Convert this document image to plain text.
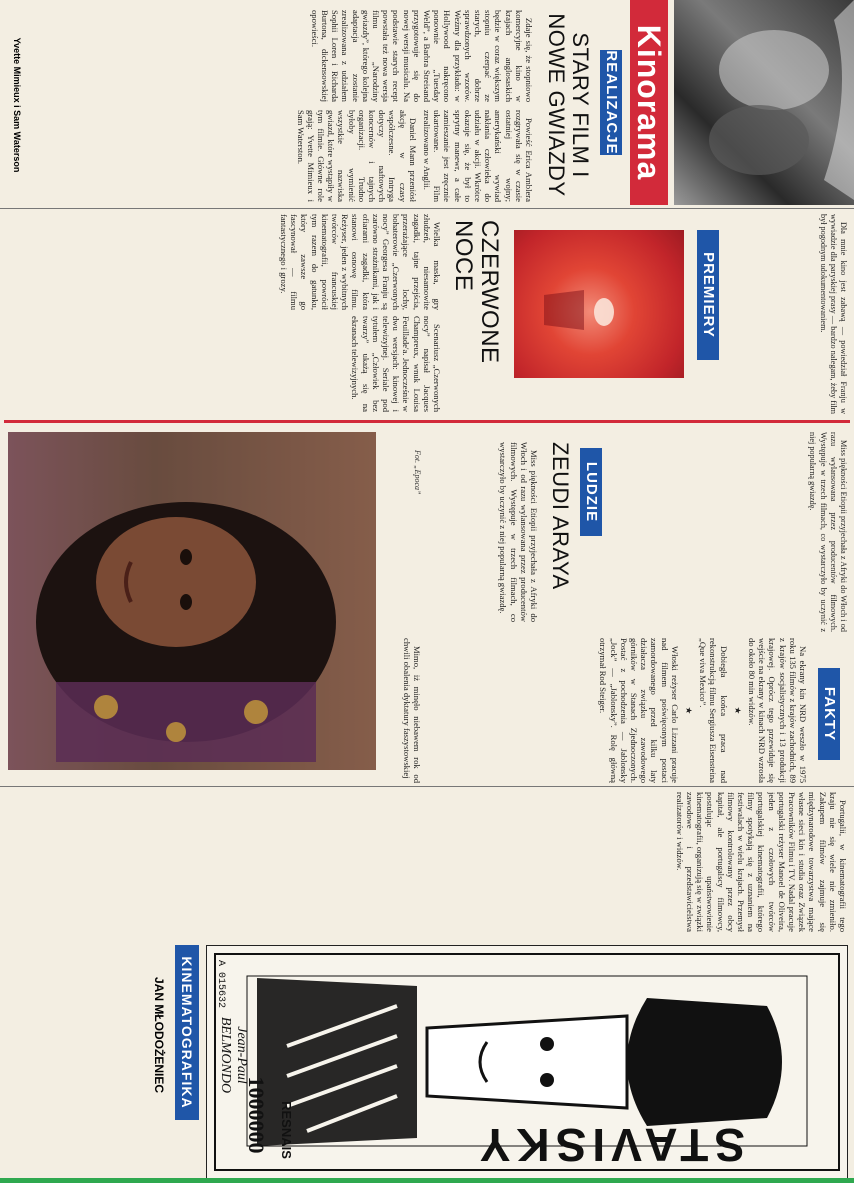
Kinorama
REALIZACJE
STARY FILM I NOWE GWIAZDY

Zdaje się, że stopniowo komercyjne kino w krajach anglosaskich będzie w coraz większym stopniu czerpać ze starych, dobrze sprawdzonych wzorów. Weźmy dla przykładu: w Hollywood nakręcono ponownie „Tuesday Weld”, a Barbra Streisand przygotowuje się do nowej wersji musicalu. Na podstawie starych recept powstała też nowa wersja filmu „Narodziny gwiazdy”, którego kolejna adaptacja zostanie zrealizowana z udziałem Sophii Loren i Richarda Burtona, dickensowskiej opowieści.

Powieść Erica Amblera rozgrywała się w czasie ostatniej wojny; amerykański wywiad nakłania człowieka do udziału w akcji. Wkrótce okazuje się, że był to sprytny manewr, a całe zamieszanie jest zręcznie ukartowane. Film zrealizowano w Anglii.

Daniel Mann przeniósł akcję w czasy współczesne. Intryga dotyczy naftowych koncernów i tajnych organizacji. Trudno byłoby wymienić wszystkie nazwiska gwiazd, które wystąpiły w tym filmie. Główne role grają: Yvette Mimieux i Sam Waterston.

Yvette Mimieux i Sam Waterson

Dla mnie kino jest zabawą — powiedział Franju w wywiadzie dla paryskiej prasy — bardzo nalegam, żeby film był pogodnym udokumentowaniem.

PREMIERY
CZERWONE NOCE

Wielka maska, gry złudzeń, niesamowite zagadki, tajne przejścia, przerażające lochy, bohaterowie „Czerwonych nocy” Georgesa Franju są zarówno strażnikami, jak i ofiarami zagadki, która stanowi osnowę filmu. Reżyser, jeden z wybitnych twórców francuskiej kinematografii, powrócił tym razem do gatunku, który zawsze go fascynował — filmu fantastycznego i grozy.

Scenariusz „Czerwonych nocy” napisał Jacques Champreux, wnuk Louisa Feuillade'a. Jednocześnie w dwu wersjach: kinowej i telewizyjnej. Seriale pod tytułem „Człowiek bez twarzy” ukażą się na ekranach telewizyjnych.

Miss piękności Etiopii przyjechała z Afryki do Włoch i od razu wylansowana przez producentów filmowych. Występuje w trzech filmach, co wystarczyło by uczynić z niej popularną gwiazdę.

LUDZIE
ZEUDI ARAYA

Miss piękności Etiopii przyjechała z Afryki do Włoch i od razu wylansowana przez producentów filmowych. Występuje w trzech filmach, co wystarczyło by uczynić z niej popularną gwiazdę.

Fot. „Epoca”
FAKTY

Na ekrany kin NRD weszło w 1975 roku 135 filmów z krajów zachodnich, 89 z krajów socjalistycznych i 13 produkcji krajowej. Oprócz tego przewiduje się wejście na ekrany w kinach NRD wzrosła do około 80 min widzów.

★

Dobiegła końca praca nad rekonstrukcją filmu Sergiusza Eisensteina „Que viva Mexico”.

★

Włoski reżyser Carlo Lizzani pracuje nad filmem poświęconym postaci zamordowanego przed kilku laty działacza związku zawodowego górników w Stanach Zjednoczonych. Postać z pochodzenia — Jablonsky „Jock” — „Jablonsky”. Rolę główną otrzymał Rod Steiger.

Mimo, iż minęło niebawem rok od chwili obalenia dyktatury faszystowskiej

Portugalii, w kinematografii tego kraju nie się wiele nie zmieniło. Zakupem filmów zajmuje się międzynarodowe towarzystwa mające własne sieci kin i studia oraz Związek Pracowników Filmu i TV. Nadal pracuje portugalski reżyser Manoel de Oliveira, jeden z czołowych twórców portugalskiej kinematografii, którego filmy spotykają się z uznaniem na festiwalach w wielu krajach. Przemysł filmowy kontrolowany przez obcy kapitał, ale portugalscy filmowcy, postulując upaństwowienie kinematografii, organizują się w związki zawodowe i przedstawicielstwa realizatorów i widzów.

KINEMATOGRAFIKA
JAN MŁODOŻENIEC
STAVISKY
RESNAIS
1000000
Jean-Paul BELMONDO
A 015632
